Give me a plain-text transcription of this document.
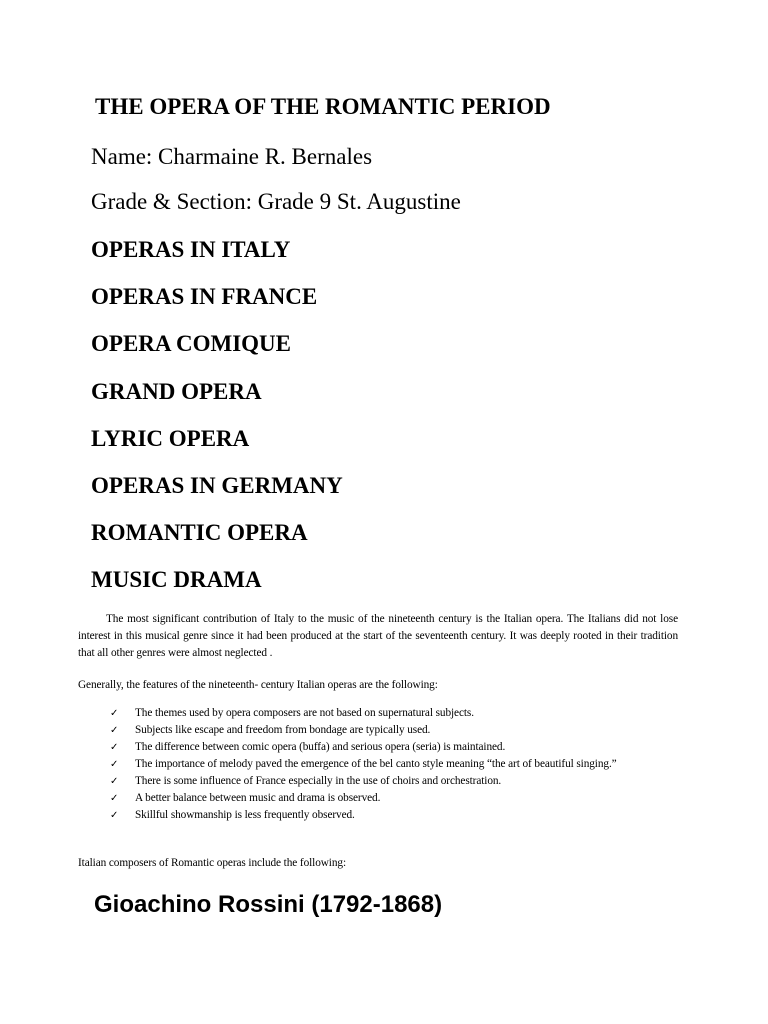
THE OPERA OF THE ROMANTIC PERIOD

Name: Charmaine R. Bernales

Grade & Section: Grade 9 St. Augustine

OPERAS IN ITALY
OPERAS IN FRANCE
OPERA COMIQUE
GRAND OPERA
LYRIC OPERA
OPERAS IN GERMANY
ROMANTIC OPERA
MUSIC DRAMA

The most significant contribution of Italy to the music of the nineteenth century is the Italian opera. The Italians did not lose interest in this musical genre since it had been produced at the start of the seventeenth century. It was deeply rooted in their tradition that all other genres were almost neglected .

Generally, the features of the nineteenth- century Italian operas are the following:

✓ The themes used by opera composers are not based on supernatural subjects.
✓ Subjects like escape and freedom from bondage are typically used.
✓ The difference between comic opera (buffa) and serious opera (seria) is maintained.
✓ The importance of melody paved the emergence of the bel canto style meaning “the art of beautiful singing.”
✓ There is some influence of France especially in the use of choirs and orchestration.
✓ A better balance between music and drama is observed.
✓ Skillful showmanship is less frequently observed.

Italian composers of Romantic operas include the following:

Gioachino Rossini (1792-1868)
